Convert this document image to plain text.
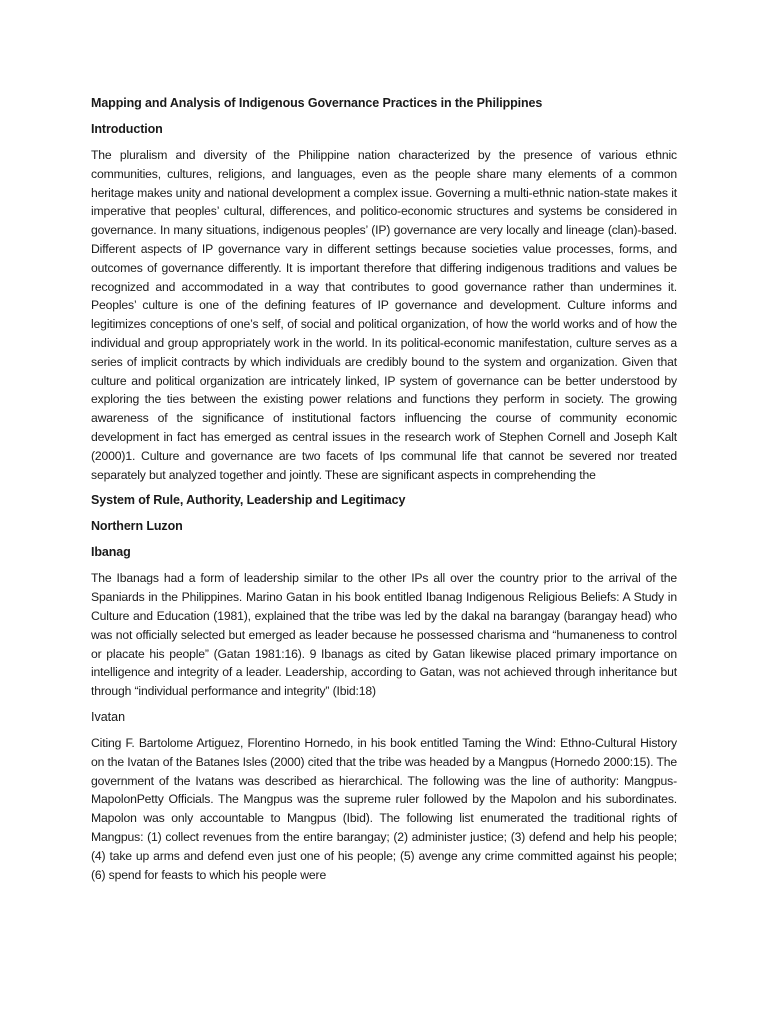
Mapping and Analysis of Indigenous Governance Practices in the Philippines
Introduction

The pluralism and diversity of the Philippine nation characterized by the presence of various ethnic communities, cultures, religions, and languages, even as the people share many elements of a common heritage makes unity and national development a complex issue. Governing a multi-ethnic nation-state makes it imperative that peoples’ cultural, differences, and politico-economic structures and systems be considered in governance. In many situations, indigenous peoples’ (IP) governance are very locally and lineage (clan)-based. Different aspects of IP governance vary in different settings because societies value processes, forms, and outcomes of governance differently. It is important therefore that differing indigenous traditions and values be recognized and accommodated in a way that contributes to good governance rather than undermines it. Peoples’ culture is one of the defining features of IP governance and development. Culture informs and legitimizes conceptions of one’s self, of social and political organization, of how the world works and of how the individual and group appropriately work in the world. In its political-economic manifestation, culture serves as a series of implicit contracts by which individuals are credibly bound to the system and organization. Given that culture and political organization are intricately linked, IP system of governance can be better understood by exploring the ties between the existing power relations and functions they perform in society. The growing awareness of the significance of institutional factors influencing the course of community economic development in fact has emerged as central issues in the research work of Stephen Cornell and Joseph Kalt (2000)1. Culture and governance are two facets of Ips communal life that cannot be severed nor treated separately but analyzed together and jointly. These are significant aspects in comprehending the

System of Rule, Authority, Leadership and Legitimacy
Northern Luzon
Ibanag

The Ibanags had a form of leadership similar to the other IPs all over the country prior to the arrival of the Spaniards in the Philippines. Marino Gatan in his book entitled Ibanag Indigenous Religious Beliefs: A Study in Culture and Education (1981), explained that the tribe was led by the dakal na barangay (barangay head) who was not officially selected but emerged as leader because he possessed charisma and “humaneness to control or placate his people” (Gatan 1981:16). 9 Ibanags as cited by Gatan likewise placed primary importance on intelligence and integrity of a leader. Leadership, according to Gatan, was not achieved through inheritance but through “individual performance and integrity” (Ibid:18)

Ivatan

Citing F. Bartolome Artiguez, Florentino Hornedo, in his book entitled Taming the Wind: Ethno-Cultural History on the Ivatan of the Batanes Isles (2000) cited that the tribe was headed by a Mangpus (Hornedo 2000:15). The government of the Ivatans was described as hierarchical. The following was the line of authority: Mangpus-MapolonPetty Officials. The Mangpus was the supreme ruler followed by the Mapolon and his subordinates. Mapolon was only accountable to Mangpus (Ibid). The following list enumerated the traditional rights of Mangpus: (1) collect revenues from the entire barangay; (2) administer justice; (3) defend and help his people; (4) take up arms and defend even just one of his people; (5) avenge any crime committed against his people; (6) spend for feasts to which his people were
